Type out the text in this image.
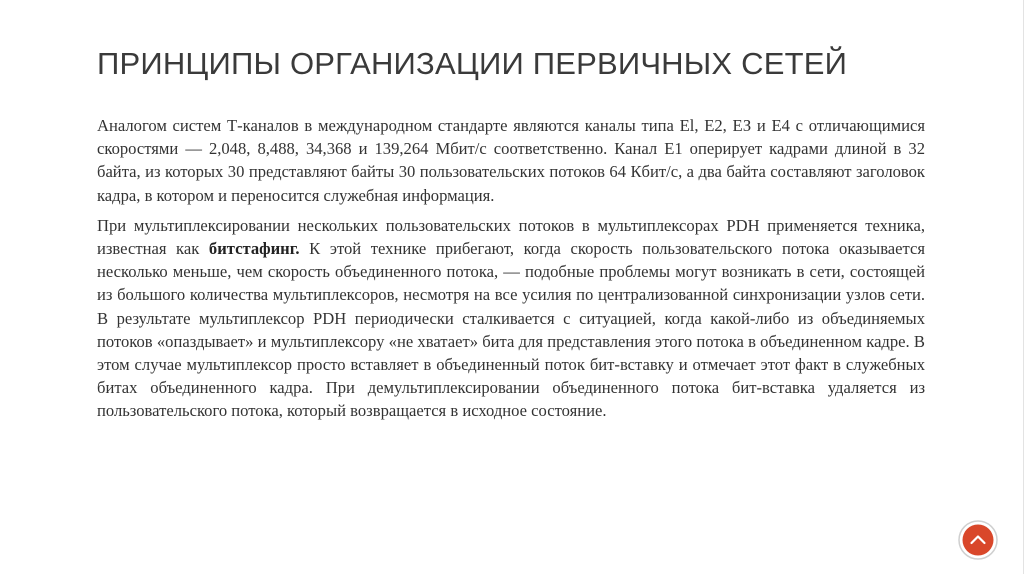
ПРИНЦИПЫ ОРГАНИЗАЦИИ ПЕРВИЧНЫХ СЕТЕЙ

Аналогом систем Т-каналов в международном стандарте являются каналы типа El, Е2, ЕЗ и Е4 с отличающимися скоростями — 2,048, 8,488, 34,368 и 139,264 Мбит/с соответственно. Канал Е1 оперирует кадрами длиной в 32 байта, из которых 30 представляют байты 30 пользовательских потоков 64 Кбит/с, а два байта составляют заголовок кадра, в котором и переносится служебная информация.

При мультиплексировании нескольких пользовательских потоков в мультиплексорах PDH применяется техника, известная как битстафинг. К этой технике прибегают, когда скорость пользовательского потока оказывается несколько меньше, чем скорость объединенного потока, — подобные проблемы могут возникать в сети, состоящей из большого количества мультиплексоров, несмотря на все усилия по централизованной синхронизации узлов сети. В результате мультиплексор PDH периодически сталкивается с ситуацией, когда какой-либо из объединяемых потоков «опаздывает» и мультиплексору «не хватает» бита для представления этого потока в объединенном кадре. В этом случае мультиплексор просто вставляет в объединенный поток бит-вставку и отмечает этот факт в служебных битах объединенного кадра. При демультиплексировании объединенного потока бит-вставка удаляется из пользовательского потока, который возвращается в исходное состояние.
